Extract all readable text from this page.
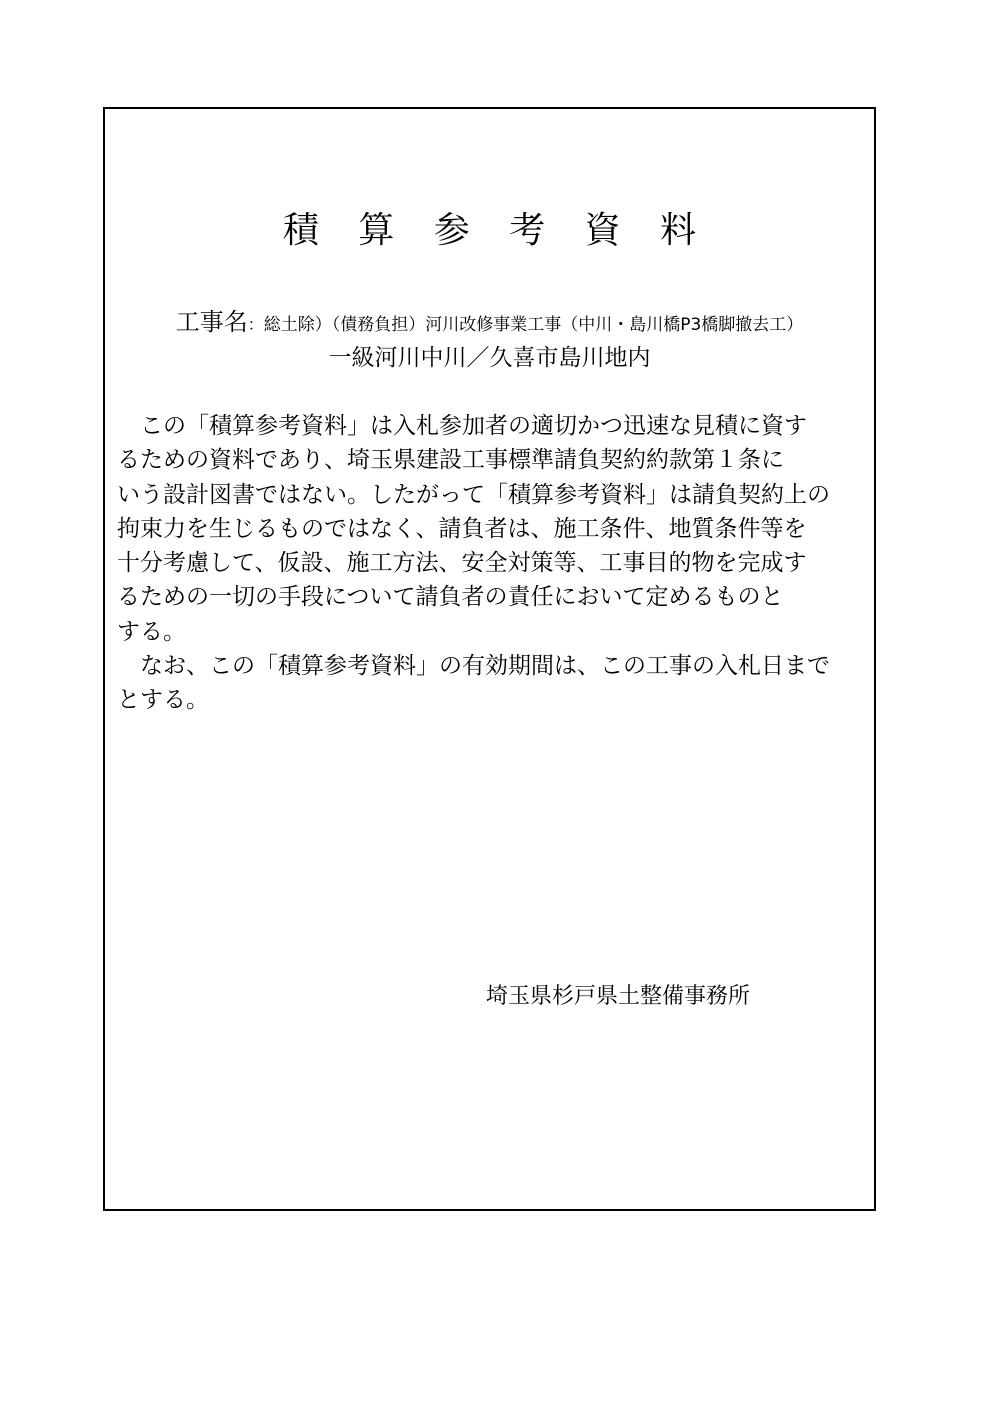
積 算 参 考 資 料
工事名：総土除）（債務負担）河川改修事業工事（中川・島川橋P3橋脚撤去工）
一級河川中川／久喜市島川地内
　この「積算参考資料」は入札参加者の適切かつ迅速な見積に資す
るための資料であり、埼玉県建設工事標準請負契約約款第１条に
いう設計図書ではない。したがって「積算参考資料」は請負契約上の
拘束力を生じるものではなく、請負者は、施工条件、地質条件等を
十分考慮して、仮設、施工方法、安全対策等、工事目的物を完成す
るための一切の手段について請負者の責任において定めるものと
する。
　なお、この「積算参考資料」の有効期間は、この工事の入札日まで
とする。
埼玉県杉戸県土整備事務所
